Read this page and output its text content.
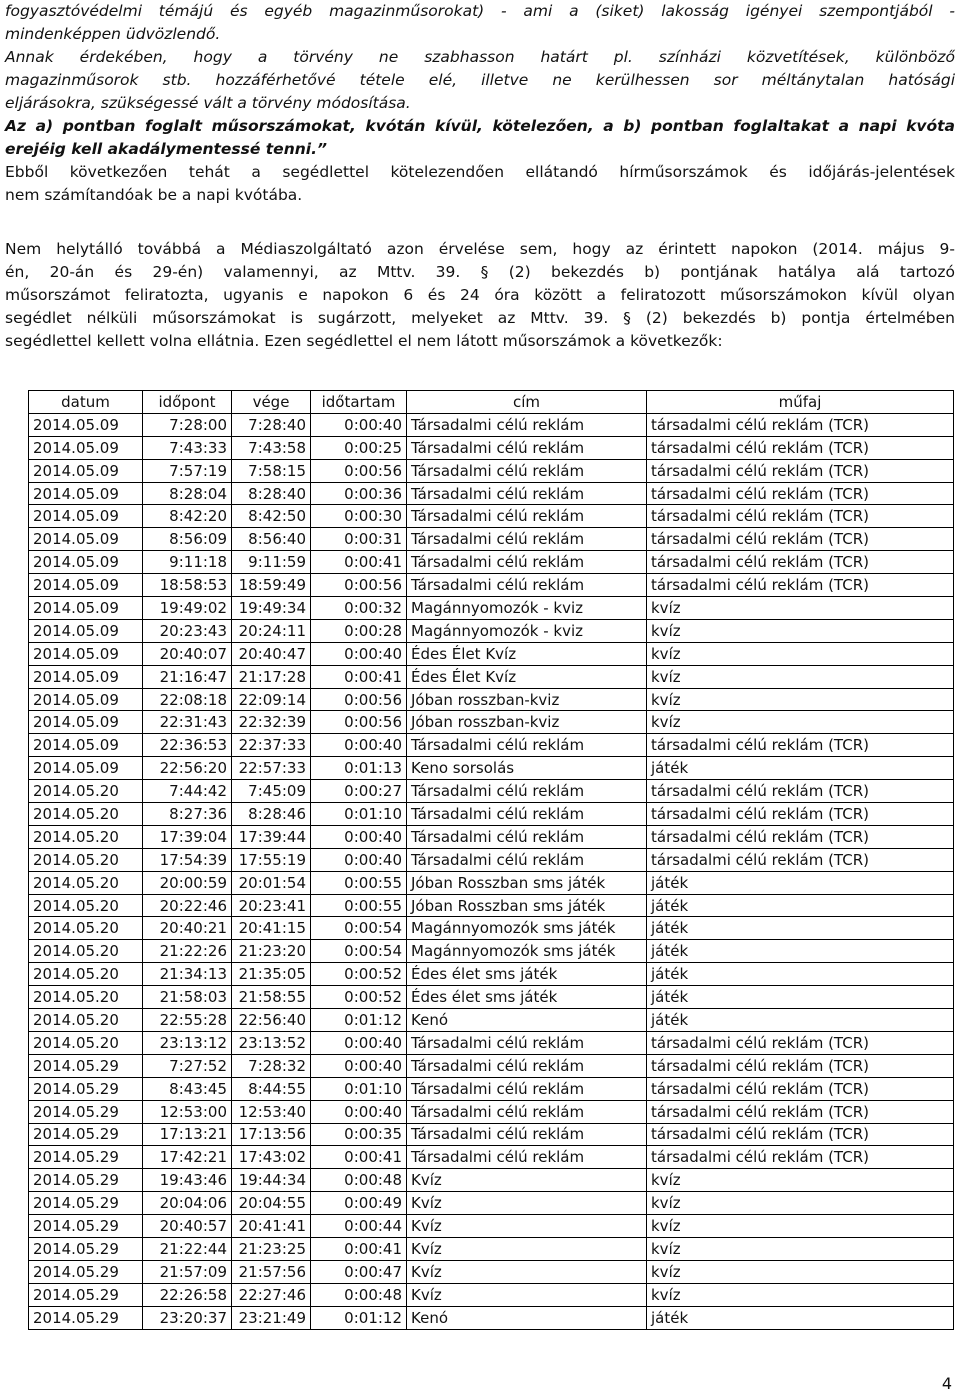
fogyasztóvédelmi témájú és egyéb magazinműsorokat) - ami a (siket) lakosság igényei szempontjából -
mindenképpen üdvözlendő.
Annak érdekében, hogy a törvény ne szabhasson határt pl. színházi közvetítések, különböző
magazinműsorok stb. hozzáférhetővé tétele elé, illetve ne kerülhessen sor méltánytalan hatósági
eljárásokra, szükségessé vált a törvény módosítása.
Az a) pontban foglalt műsorszámokat, kvótán kívül, kötelezően, a b) pontban foglaltakat a napi kvóta
erejéig kell akadálymentessé tenni.”

Ebből következően tehát a segédlettel kötelezendően ellátandó hírműsorszámok és időjárás-jelentések
nem számítandóak be a napi kvótába.

Nem helytálló továbbá a Médiaszolgáltató azon érvelése sem, hogy az érintett napokon (2014. május 9-
én, 20-án és 29-én) valamennyi, az Mttv. 39. § (2) bekezdés b) pontjának hatálya alá tartozó
műsorszámot feliratozta, ugyanis e napokon 6 és 24 óra között a feliratozott műsorszámokon kívül olyan
segédlet nélküli műsorszámokat is sugárzott, melyeket az Mttv. 39. § (2) bekezdés b) pontja értelmében
segédlettel kellett volna ellátnia. Ezen segédlettel el nem látott műsorszámok a következők:

datum	időpont	vége	időtartam	cím	műfaj
2014.05.09	7:28:00	7:28:40	0:00:40	Társadalmi célú reklám	társadalmi célú reklám (TCR)
2014.05.09	7:43:33	7:43:58	0:00:25	Társadalmi célú reklám	társadalmi célú reklám (TCR)
2014.05.09	7:57:19	7:58:15	0:00:56	Társadalmi célú reklám	társadalmi célú reklám (TCR)
2014.05.09	8:28:04	8:28:40	0:00:36	Társadalmi célú reklám	társadalmi célú reklám (TCR)
2014.05.09	8:42:20	8:42:50	0:00:30	Társadalmi célú reklám	társadalmi célú reklám (TCR)
2014.05.09	8:56:09	8:56:40	0:00:31	Társadalmi célú reklám	társadalmi célú reklám (TCR)
2014.05.09	9:11:18	9:11:59	0:00:41	Társadalmi célú reklám	társadalmi célú reklám (TCR)
2014.05.09	18:58:53	18:59:49	0:00:56	Társadalmi célú reklám	társadalmi célú reklám (TCR)
2014.05.09	19:49:02	19:49:34	0:00:32	Magánnyomozók - kviz	kvíz
2014.05.09	20:23:43	20:24:11	0:00:28	Magánnyomozók - kviz	kvíz
2014.05.09	20:40:07	20:40:47	0:00:40	Édes Élet Kvíz	kvíz
2014.05.09	21:16:47	21:17:28	0:00:41	Édes Élet Kvíz	kvíz
2014.05.09	22:08:18	22:09:14	0:00:56	Jóban rosszban-kviz	kvíz
2014.05.09	22:31:43	22:32:39	0:00:56	Jóban rosszban-kviz	kvíz
2014.05.09	22:36:53	22:37:33	0:00:40	Társadalmi célú reklám	társadalmi célú reklám (TCR)
2014.05.09	22:56:20	22:57:33	0:01:13	Keno sorsolás	játék
2014.05.20	7:44:42	7:45:09	0:00:27	Társadalmi célú reklám	társadalmi célú reklám (TCR)
2014.05.20	8:27:36	8:28:46	0:01:10	Társadalmi célú reklám	társadalmi célú reklám (TCR)
2014.05.20	17:39:04	17:39:44	0:00:40	Társadalmi célú reklám	társadalmi célú reklám (TCR)
2014.05.20	17:54:39	17:55:19	0:00:40	Társadalmi célú reklám	társadalmi célú reklám (TCR)
2014.05.20	20:00:59	20:01:54	0:00:55	Jóban Rosszban sms játék	játék
2014.05.20	20:22:46	20:23:41	0:00:55	Jóban Rosszban sms játék	játék
2014.05.20	20:40:21	20:41:15	0:00:54	Magánnyomozók sms játék	játék
2014.05.20	21:22:26	21:23:20	0:00:54	Magánnyomozók sms játék	játék
2014.05.20	21:34:13	21:35:05	0:00:52	Édes élet sms játék	játék
2014.05.20	21:58:03	21:58:55	0:00:52	Édes élet sms játék	játék
2014.05.20	22:55:28	22:56:40	0:01:12	Kenó	játék
2014.05.20	23:13:12	23:13:52	0:00:40	Társadalmi célú reklám	társadalmi célú reklám (TCR)
2014.05.29	7:27:52	7:28:32	0:00:40	Társadalmi célú reklám	társadalmi célú reklám (TCR)
2014.05.29	8:43:45	8:44:55	0:01:10	Társadalmi célú reklám	társadalmi célú reklám (TCR)
2014.05.29	12:53:00	12:53:40	0:00:40	Társadalmi célú reklám	társadalmi célú reklám (TCR)
2014.05.29	17:13:21	17:13:56	0:00:35	Társadalmi célú reklám	társadalmi célú reklám (TCR)
2014.05.29	17:42:21	17:43:02	0:00:41	Társadalmi célú reklám	társadalmi célú reklám (TCR)
2014.05.29	19:43:46	19:44:34	0:00:48	Kvíz	kvíz
2014.05.29	20:04:06	20:04:55	0:00:49	Kvíz	kvíz
2014.05.29	20:40:57	20:41:41	0:00:44	Kvíz	kvíz
2014.05.29	21:22:44	21:23:25	0:00:41	Kvíz	kvíz
2014.05.29	21:57:09	21:57:56	0:00:47	Kvíz	kvíz
2014.05.29	22:26:58	22:27:46	0:00:48	Kvíz	kvíz
2014.05.29	23:20:37	23:21:49	0:01:12	Kenó	játék
4
